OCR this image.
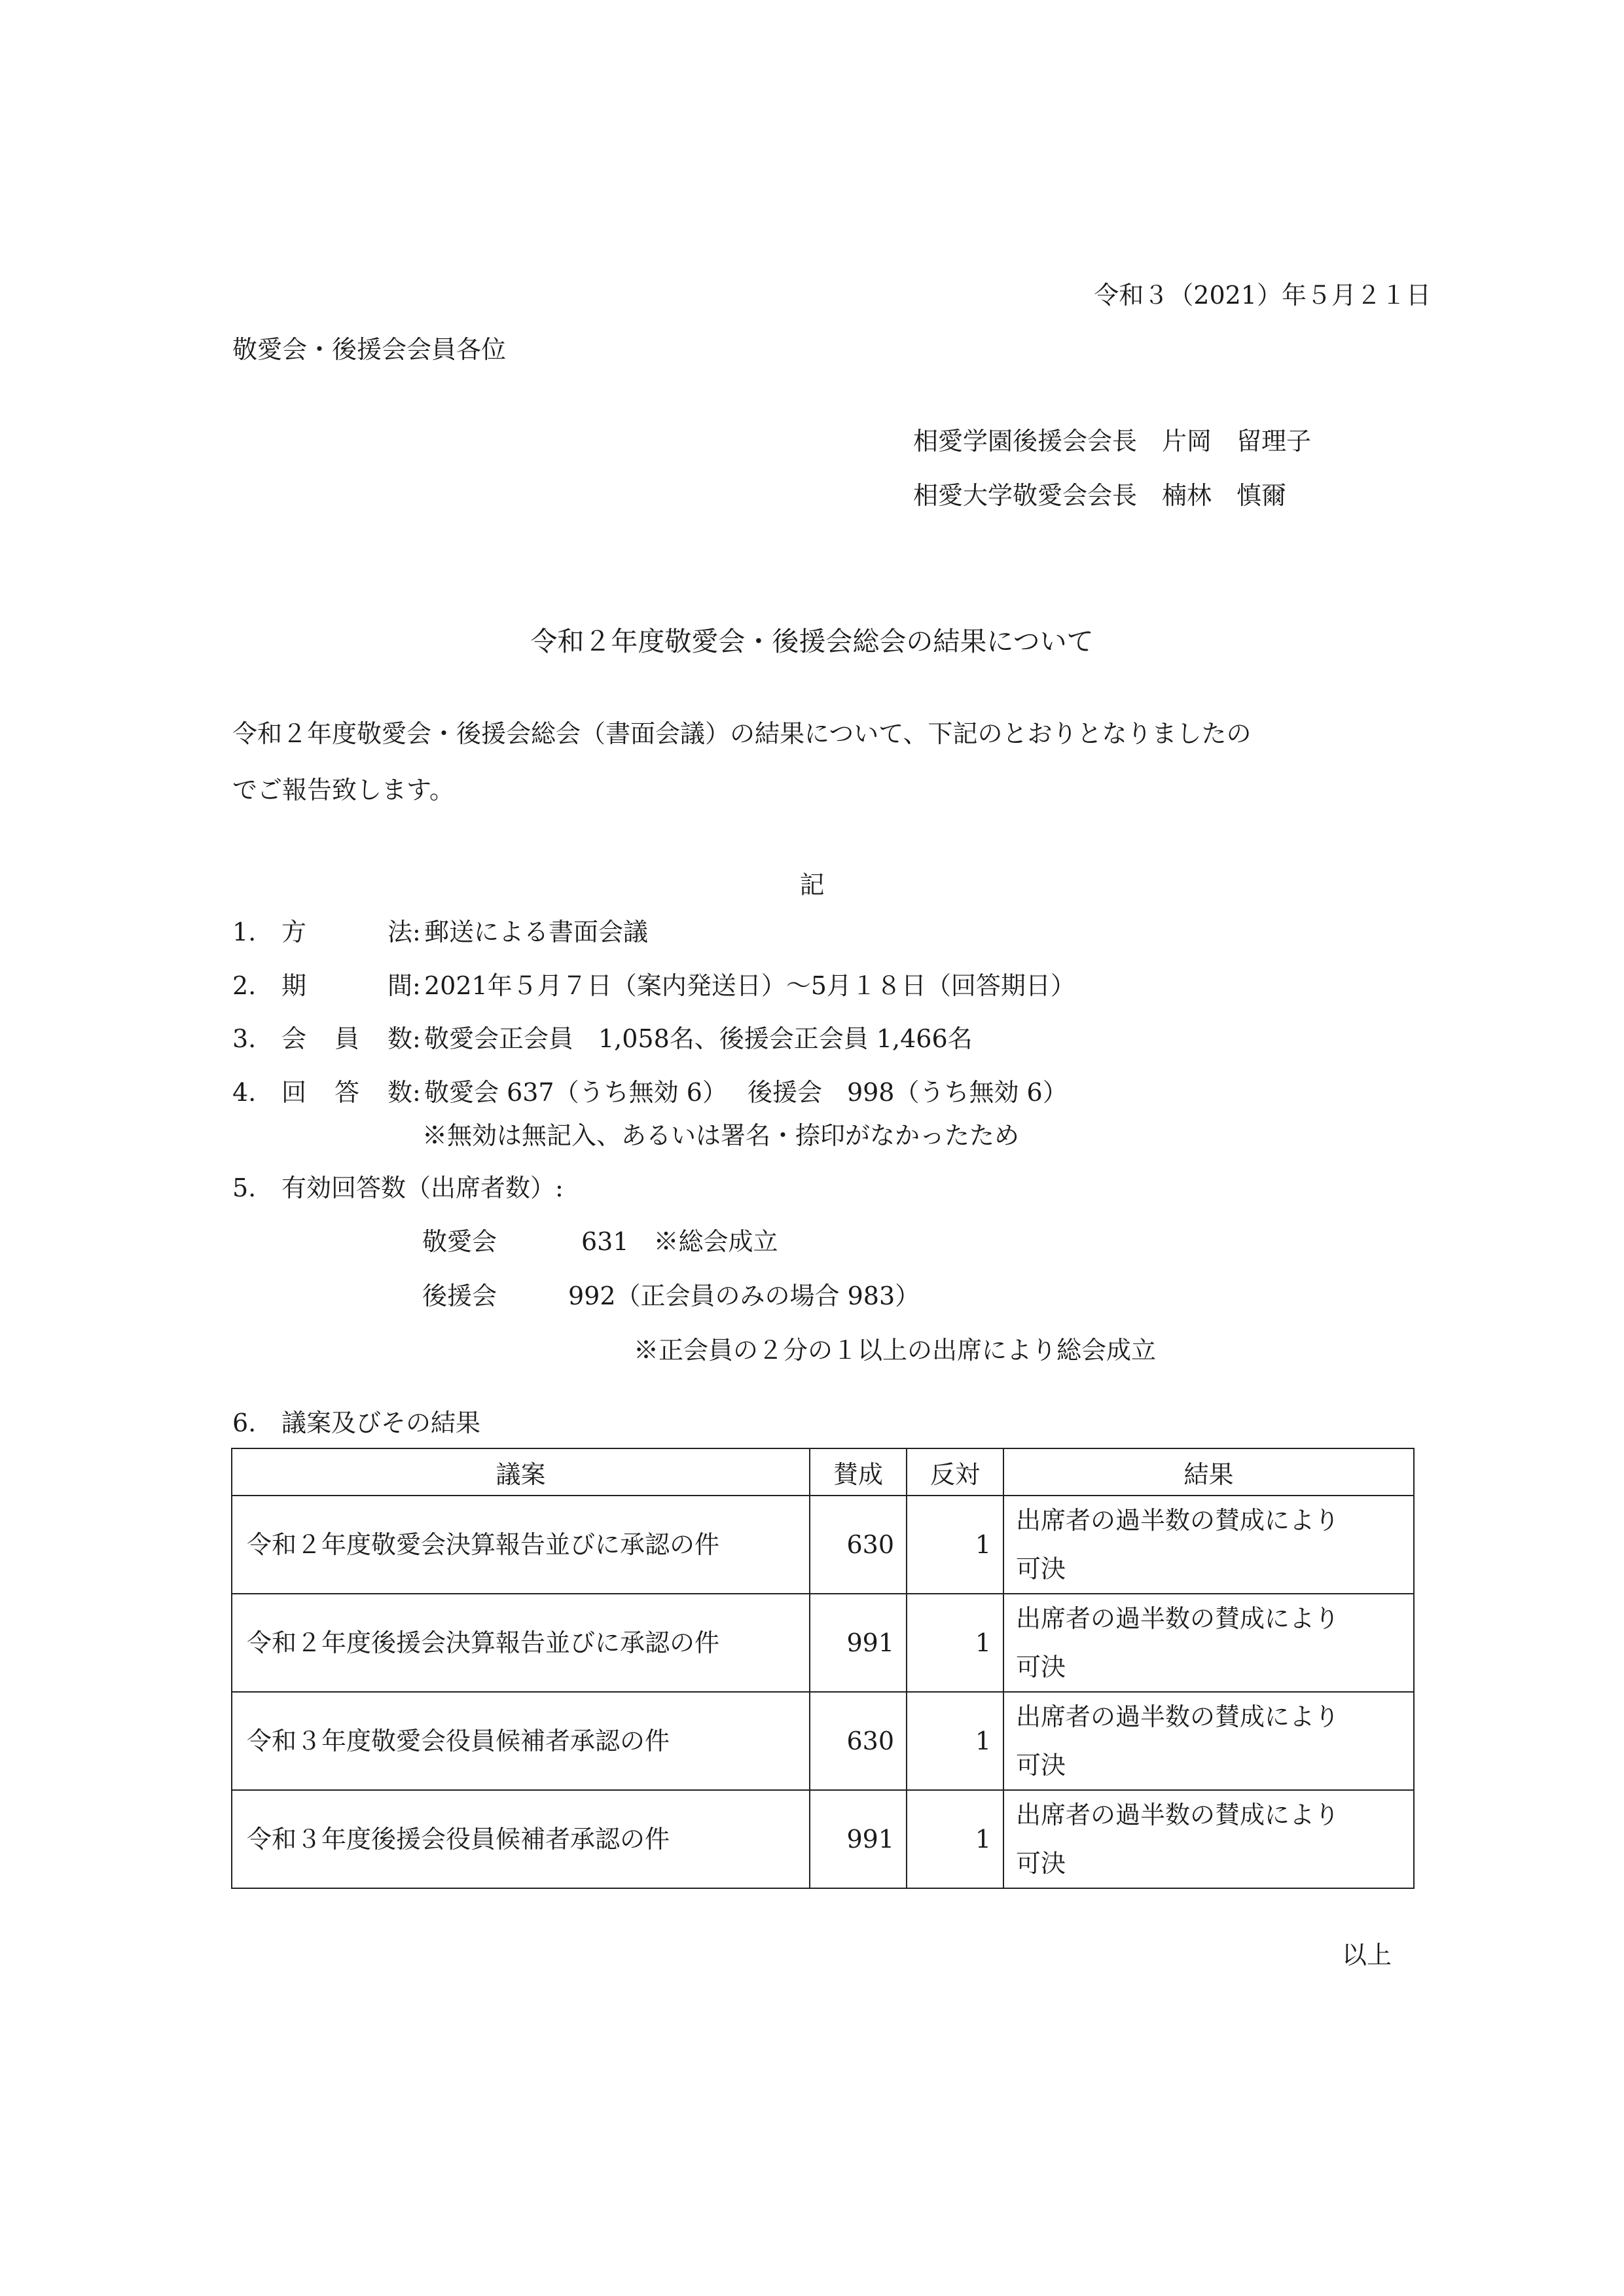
令和３（2021）年５月２１日
敬愛会・後援会会員各位
相愛学園後援会会長 片岡　留理子
相愛大学敬愛会会長 楠林　慎爾
令和２年度敬愛会・後援会総会の結果について
令和２年度敬愛会・後援会総会（書面会議）の結果について、下記のとおりとなりましたの
でご報告致します。
記
1. 方	法 : 郵送による書面会議
2. 期	間 : 2021年５月７日（案内発送日）〜5月１８日（回答期日）
3. 会 員 数 : 敬愛会正会員　1,058名、後援会正会員 1,466名
4. 回 答 数 : 敬愛会 637（うち無効 6）　 後援会　998（うち無効 6）
※無効は無記入、あるいは署名・捺印がなかったため
5. 有効回答数（出席者数）:
敬愛会	631　※総会成立
後援会	992（正会員のみの場合 983）
※正会員の２分の１以上の出席により総会成立
6. 議案及びその結果
議案	賛成	反対	結果
令和２年度敬愛会決算報告並びに承認の件	630	1	出席者の過半数の賛成により
可決

令和２年度後援会決算報告並びに承認の件	991	1	出席者の過半数の賛成により
可決

令和３年度敬愛会役員候補者承認の件	630	1	出席者の過半数の賛成により
可決

令和３年度後援会役員候補者承認の件	991	1	出席者の過半数の賛成により
可決
以上
